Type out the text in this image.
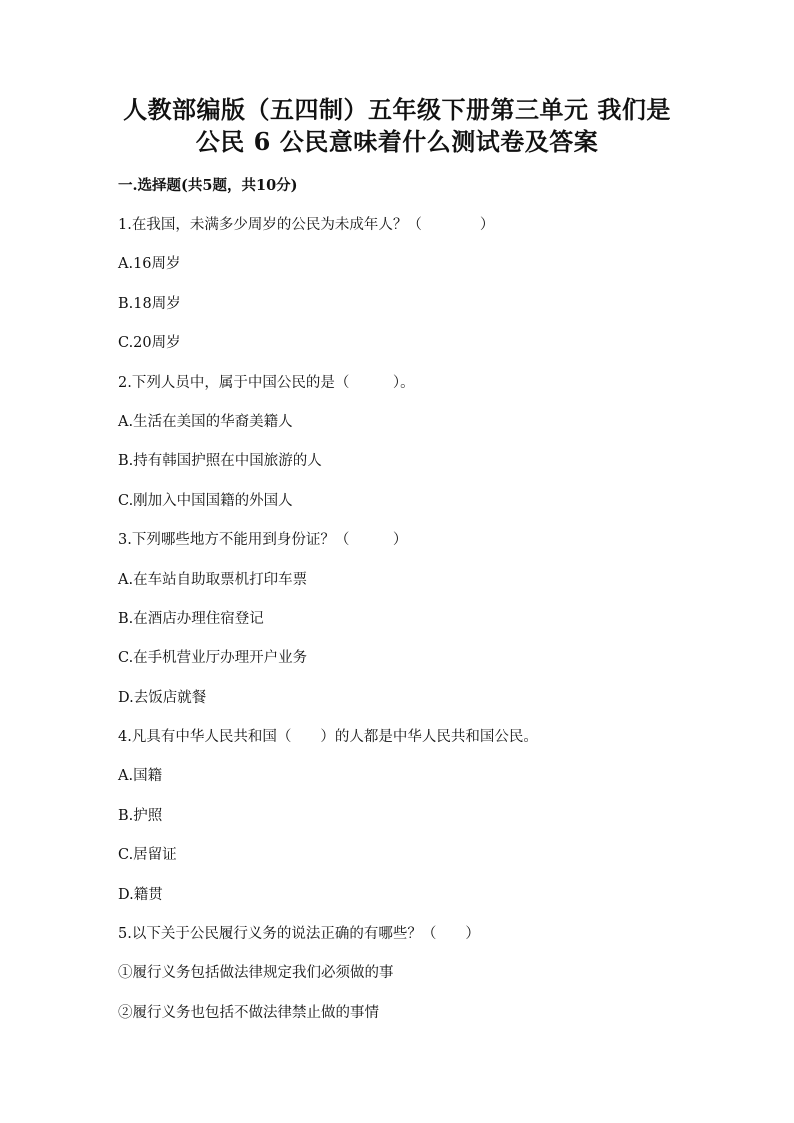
人教部编版（五四制）五年级下册第三单元 我们是
公民 6 公民意味着什么测试卷及答案
一.选择题(共5题，共10分)
1.在我国，未满多少周岁的公民为未成年人？（　　　　）
A.16周岁
B.18周岁
C.20周岁
2.下列人员中，属于中国公民的是（　　　）。
A.生活在美国的华裔美籍人
B.持有韩国护照在中国旅游的人
C.刚加入中国国籍的外国人
3.下列哪些地方不能用到身份证？（　　　）
A.在车站自助取票机打印车票
B.在酒店办理住宿登记
C.在手机营业厅办理开户业务
D.去饭店就餐
4.凡具有中华人民共和国（　　）的人都是中华人民共和国公民。
A.国籍
B.护照
C.居留证
D.籍贯
5.以下关于公民履行义务的说法正确的有哪些？（　　）
①履行义务包括做法律规定我们必须做的事
②履行义务也包括不做法律禁止做的事情
